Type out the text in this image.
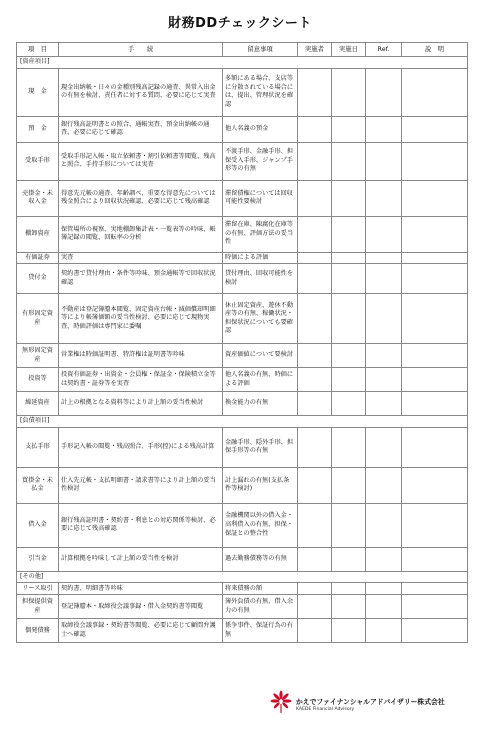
財務DDチェックシート
項　目	手　　続	留意事項	実施者	実施日	Ref.	説　明
[資産項目]						
現　金	現金出納帳・日々の金種別残高記録の通査、異常入出金の有無を検討、責任者に対する質問、必要に応じて実査	多額にある場合、支店等に分散されている場合には、提出、管理状況を確認				
預　金	銀行残高証明書との照合、通帳実査、預金出納帳の通査、必要に応じて確認	他人名義の預金				
受取手形	受取手形記入帳・取立依頼書・割引依頼書等閲覧、残高と照合、手持手形については実査	不渡手形、金融手形、担保受入手形、ジャンプ手形等の有無				
売掛金・未収入金	得意先元帳の通査、年齢調べ、重要な得意先については残金照合により回収状況確認、必要に応じて残高確認	滞留債権については回収可能性要検討				
棚卸資産	保管場所の視察、実地棚卸集計表・一覧表等の吟味、帳簿記録の閲覧、回転率の分析	滞留在庫、陳腐化在庫等の有無、評価方法の妥当性				
有価証券	実査	時価による評価				
貸付金	契約書で貸付理由・条件等吟味、預金通帳等で回収状況確認	貸付理由、回収可能性を検討				
有形固定資産	不動産は登記簿謄本閲覧、固定資産台帳・減価償却明細等により帳簿価額の妥当性検討、必要に応じて現物実査、時価評価は専門家に委嘱	休止固定資産、遊休不動産等の有無、稼働状況・担保状況についても要確認				
無形固定資産	営業権は時価証明書、特許権は証明書等吟味	資産価値について要検討				
投資等	投資有価証券・出資金・会員権・保証金・保険積立金等は契約書・証券等を実査	他人名義の有無、時価による評価				
繰延資産	計上の根拠となる資料等により計上額の妥当性検討	換金能力の有無				
[負債項目]						
支払手形	手形記入帳の閲覧・残高照合、手形(控)による残高計算	金融手形、隠外手形、担保手形等の有無				
買掛金・未払金	仕入先元帳・支払明細書・請求書等により計上額の妥当性検討	計上漏れの有無(支払条件等検討)				
借入金	銀行残高証明書・契約書・利息との対応関係等検討、必要に応じて残高確認	金融機関以外の借入金・高利借入の有無、担保・保証との整合性				
引当金	計算根拠を吟味して計上額の妥当性を検討	過去勤務債務等の有無				
[その他]						
リース取引	契約書、明細書等吟味	将来債務の額				
担保提供資産	登記簿謄本・取締役会議事録・借入金契約書等閲覧	簿外負債の有無、借入余力の有無				
偶発債務	取締役会議事録・契約書等閲覧、必要に応じて顧問弁護士へ確認	係争事件、保証行為の有無				
かえでファイナンシャルアドバイザリー株式会社
KAEDE Financial Advisory
